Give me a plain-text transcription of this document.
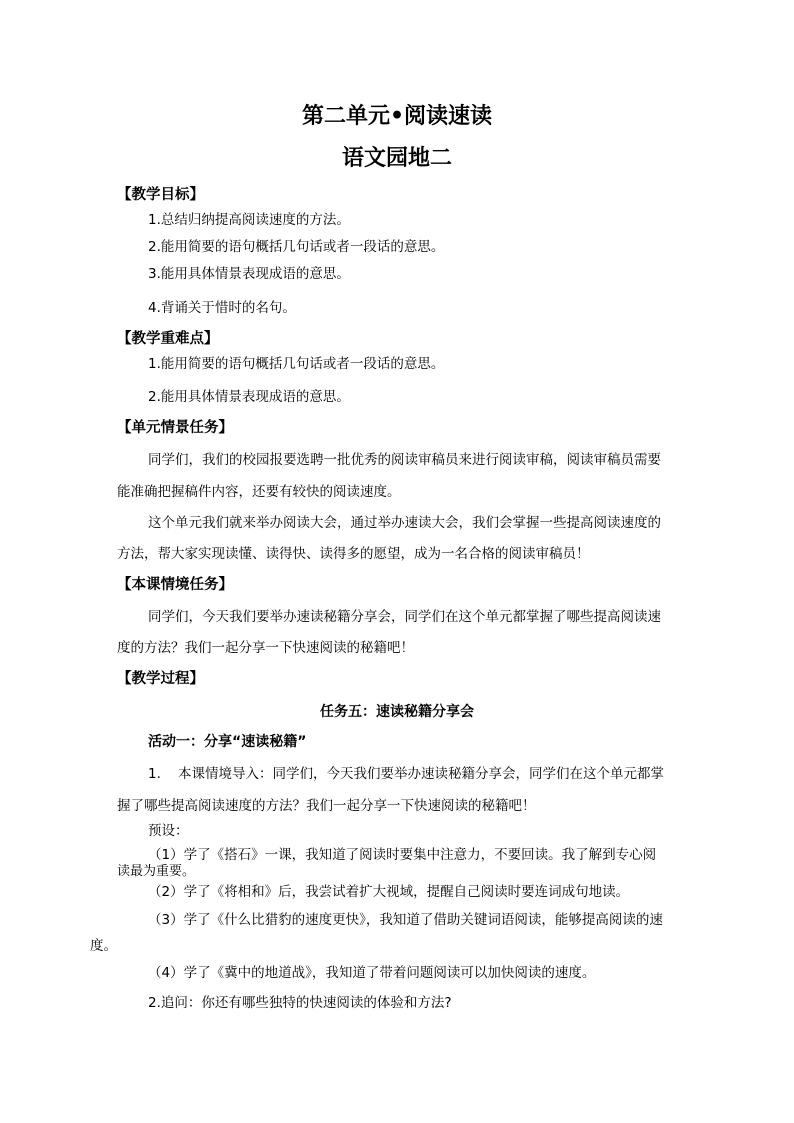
第二单元•阅读速读
语文园地二
【教学目标】
1.总结归纳提高阅读速度的方法。
2.能用简要的语句概括几句话或者一段话的意思。
3.能用具体情景表现成语的意思。
4.背诵关于惜时的名句。
【教学重难点】
1.能用简要的语句概括几句话或者一段话的意思。
2.能用具体情景表现成语的意思。
【单元情景任务】
同学们，我们的校园报要选聘一批优秀的阅读审稿员来进行阅读审稿，阅读审稿员需要
能准确把握稿件内容，还要有较快的阅读速度。
这个单元我们就来举办阅读大会，通过举办速读大会，我们会掌握一些提高阅读速度的
方法，帮大家实现读懂、读得快、读得多的愿望，成为一名合格的阅读审稿员！
【本课情境任务】
同学们，今天我们要举办速读秘籍分享会，同学们在这个单元都掌握了哪些提高阅读速
度的方法？我们一起分享一下快速阅读的秘籍吧！
【教学过程】
任务五：速读秘籍分享会
活动一：分享“速读秘籍”
1.    本课情境导入：同学们，今天我们要举办速读秘籍分享会，同学们在这个单元都掌
握了哪些提高阅读速度的方法？我们一起分享一下快速阅读的秘籍吧！
预设：
（1）学了《搭石》一课，我知道了阅读时要集中注意力，不要回读。我了解到专心阅
读最为重要。
（2）学了《将相和》后，我尝试着扩大视域，提醒自己阅读时要连词成句地读。
（3）学了《什么比猎豹的速度更快》，我知道了借助关键词语阅读，能够提高阅读的速
度。
（4）学了《冀中的地道战》，我知道了带着问题阅读可以加快阅读的速度。
2.追问：你还有哪些独特的快速阅读的体验和方法?
